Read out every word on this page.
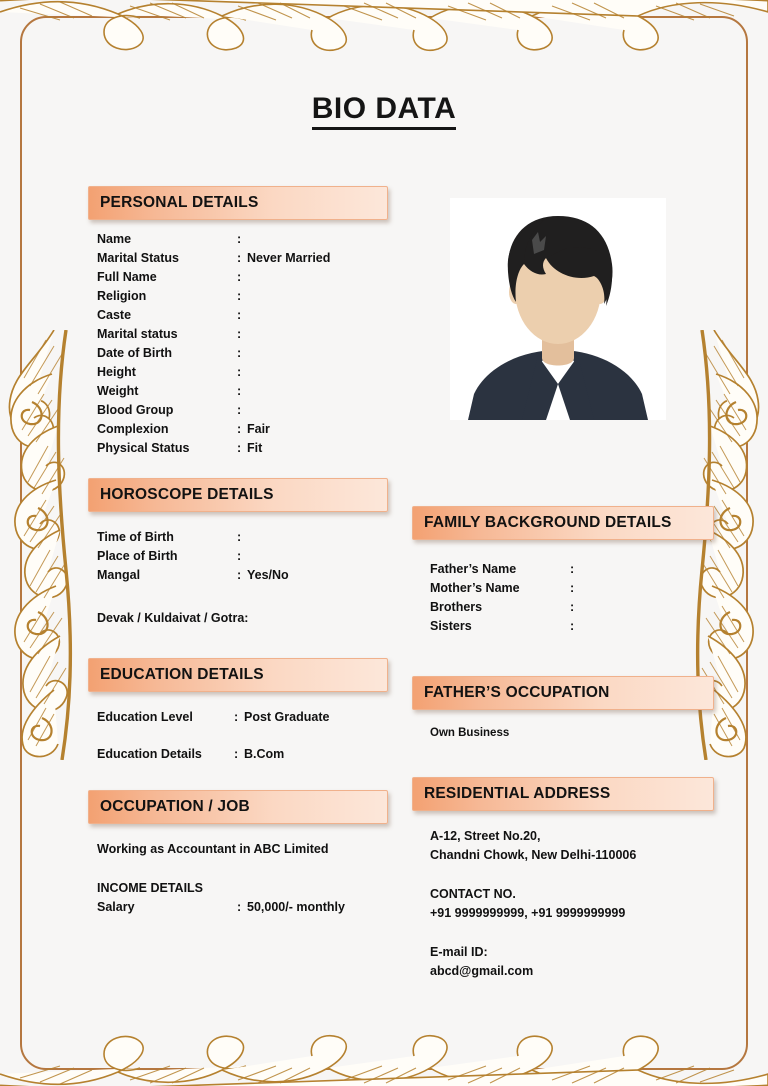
BIO DATA
PERSONAL DETAILS
Name	:
Marital Status	: Never Married
Full Name	:
Religion	:
Caste	:
Marital status	:
Date of Birth	:
Height	:
Weight	:
Blood Group	:
Complexion	: Fair
Physical Status	: Fit
HOROSCOPE DETAILS
Time of Birth	:
Place of Birth	:
Mangal	: Yes/No
Devak / Kuldaivat / Gotra:
EDUCATION DETAILS
Education Level	: Post Graduate
Education Details	: B.Com
OCCUPATION / JOB
Working as Accountant in ABC Limited
INCOME DETAILS
Salary	: 50,000/- monthly
FAMILY BACKGROUND DETAILS
Father’s Name	:
Mother’s Name	:
Brothers	:
Sisters	:
FATHER’S OCCUPATION
Own Business
RESIDENTIAL ADDRESS
A-12, Street No.20,
Chandni Chowk, New Delhi-110006
CONTACT NO.
+91 9999999999, +91 9999999999
E-mail ID:
abcd@gmail.com
